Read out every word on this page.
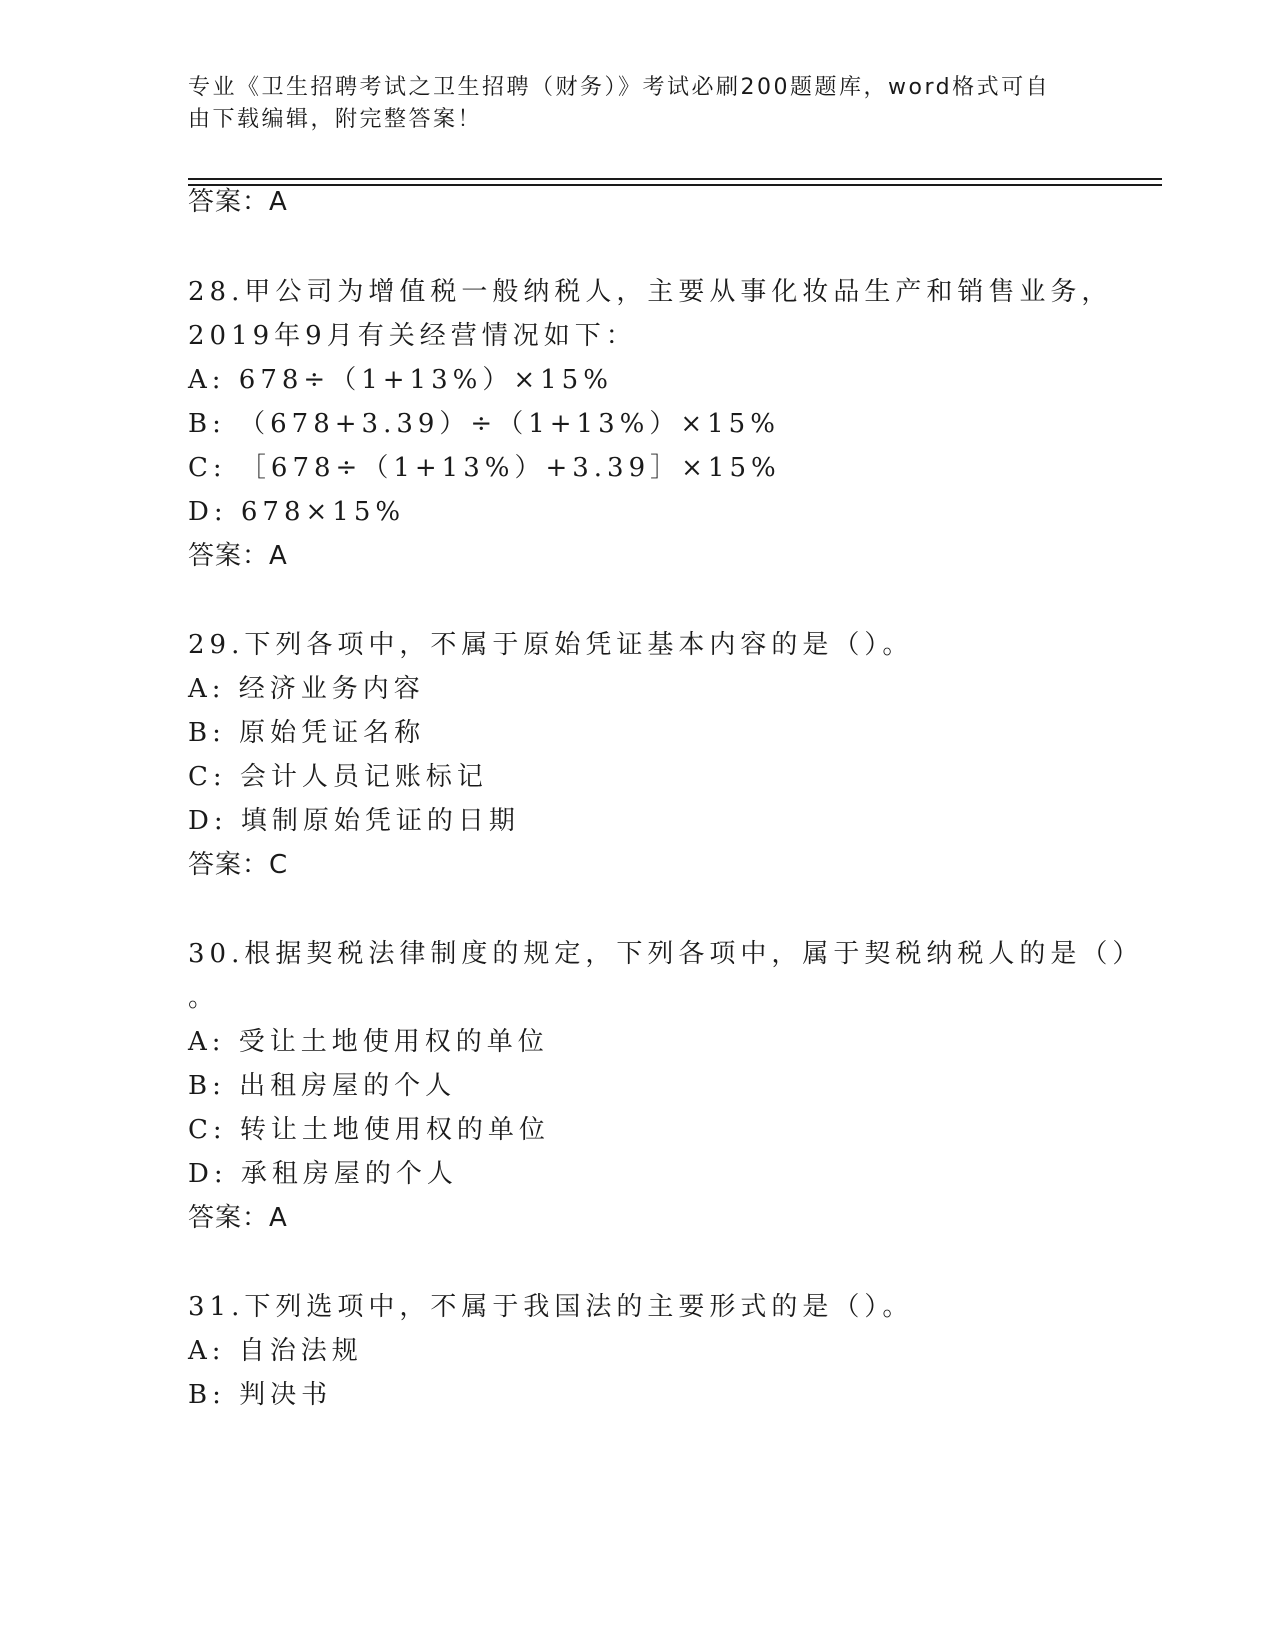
专业《卫生招聘考试之卫生招聘（财务）》考试必刷200题题库，word格式可自
由下载编辑，附完整答案！
答案：A
28.甲公司为增值税一般纳税人，主要从事化妆品生产和销售业务，
2019年9月有关经营情况如下：
A: 678÷（1+13%）×15%
B: （678+3.39）÷（1+13%）×15%
C: ［678÷（1+13%）+3.39］×15%
D: 678×15%
答案：A
29.下列各项中，不属于原始凭证基本内容的是（）。
A: 经济业务内容
B: 原始凭证名称
C: 会计人员记账标记
D: 填制原始凭证的日期
答案：C
30.根据契税法律制度的规定，下列各项中，属于契税纳税人的是（）
。
A: 受让土地使用权的单位
B: 出租房屋的个人
C: 转让土地使用权的单位
D: 承租房屋的个人
答案：A
31.下列选项中，不属于我国法的主要形式的是（）。
A: 自治法规
B: 判决书
